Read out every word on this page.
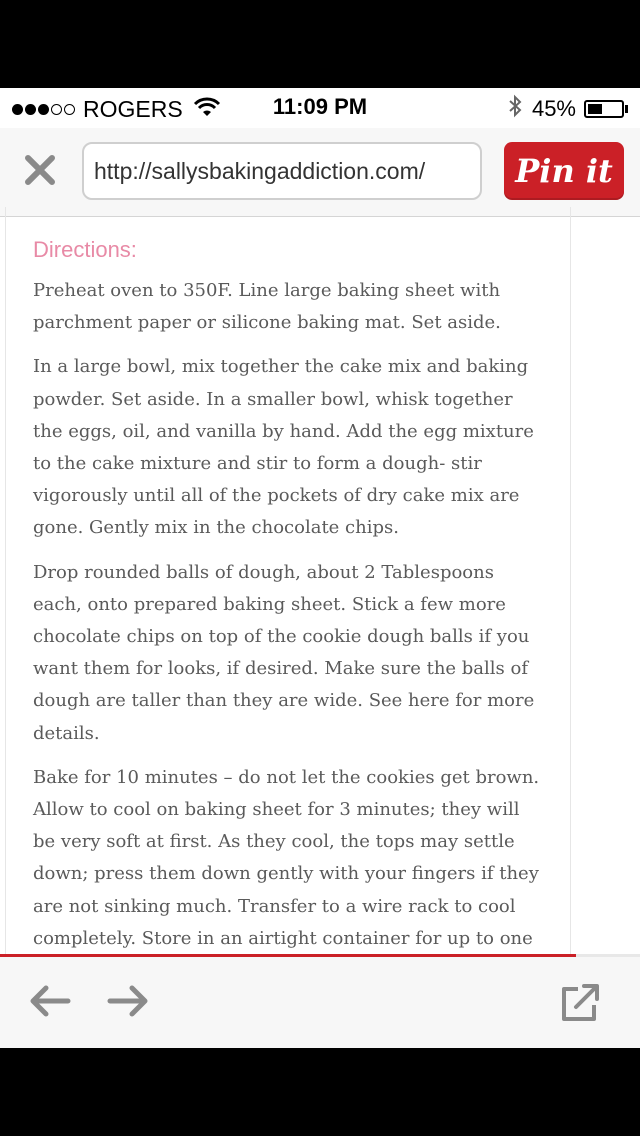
ROGERS	11:09 PM	45%
http://sallysbakingaddiction.com/	Pin it
Directions:

Preheat oven to 350F. Line large baking sheet with parchment paper or silicone baking mat. Set aside.

In a large bowl, mix together the cake mix and baking powder. Set aside. In a smaller bowl, whisk together the eggs, oil, and vanilla by hand. Add the egg mixture to the cake mixture and stir to form a dough- stir vigorously until all of the pockets of dry cake mix are gone. Gently mix in the chocolate chips.

Drop rounded balls of dough, about 2 Tablespoons each, onto prepared baking sheet. Stick a few more chocolate chips on top of the cookie dough balls if you want them for looks, if desired. Make sure the balls of dough are taller than they are wide. See here for more details.

Bake for 10 minutes – do not let the cookies get brown. Allow to cool on baking sheet for 3 minutes; they will be very soft at first. As they cool, the tops may settle down; press them down gently with your fingers if they are not sinking much. Transfer to a wire rack to cool completely. Store in an airtight container for up to one
